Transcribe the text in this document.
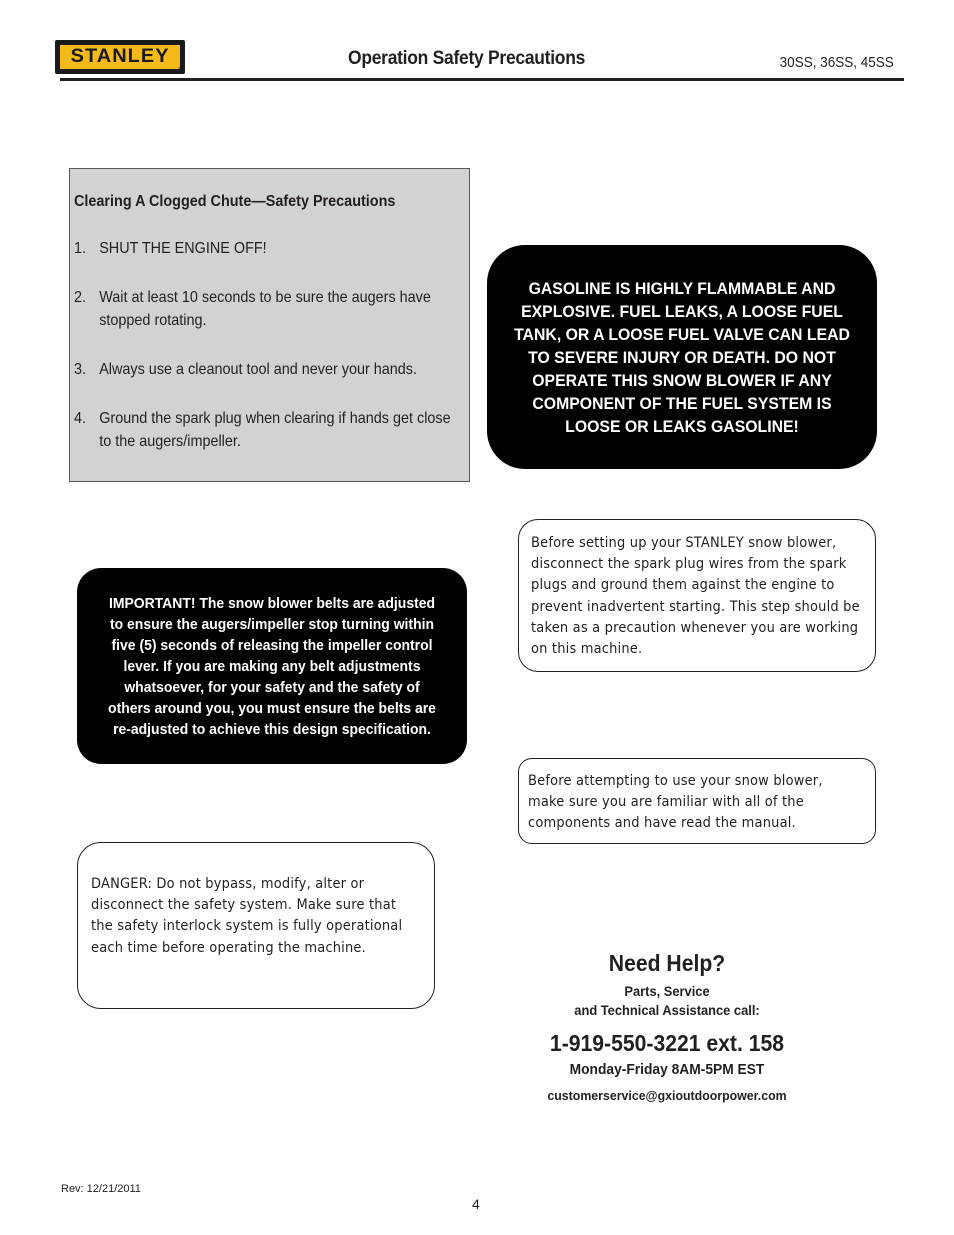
STANLEY
®
Operation Safety Precautions	30SS, 36SS, 45SS
Clearing A Clogged Chute—Safety Precautions
1. SHUT THE ENGINE OFF!
2. Wait at least 10 seconds to be sure the augers have stopped rotating.
3. Always use a cleanout tool and never your hands.
4. Ground the spark plug when clearing if hands get close to the augers/impeller.
GASOLINE IS HIGHLY FLAMMABLE AND EXPLOSIVE. FUEL LEAKS, A LOOSE FUEL TANK, OR A LOOSE FUEL VALVE CAN LEAD TO SEVERE INJURY OR DEATH. DO NOT OPERATE THIS SNOW BLOWER IF ANY COMPONENT OF THE FUEL SYSTEM IS LOOSE OR LEAKS GASOLINE!
Before setting up your STANLEY snow blower, disconnect the spark plug wires from the spark plugs and ground them against the engine to prevent inadvertent starting. This step should be taken as a precaution whenever you are working on this machine.
IMPORTANT! The snow blower belts are adjusted to ensure the augers/impeller stop turning within five (5) seconds of releasing the impeller control lever. If you are making any belt adjustments whatsoever, for your safety and the safety of others around you, you must ensure the belts are re-adjusted to achieve this design specification.
Before attempting to use your snow blower, make sure you are familiar with all of the components and have read the manual.
DANGER: Do not bypass, modify, alter or disconnect the safety system. Make sure that the safety interlock system is fully operational each time before operating the machine.
Need Help?
Parts, Service
and Technical Assistance call:
1-919-550-3221 ext. 158
Monday-Friday 8AM-5PM EST
customerservice@gxioutdoorpower.com
Rev: 12/21/2011
4
